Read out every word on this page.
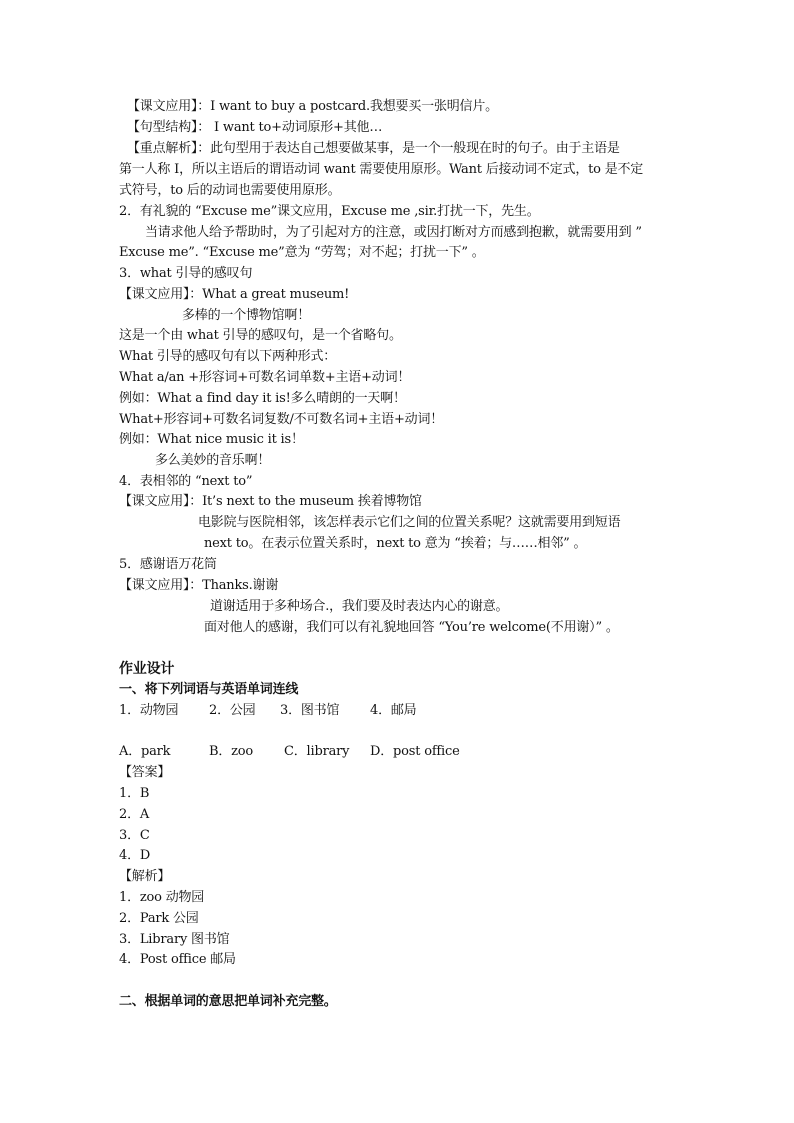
【课文应用】：I want to buy a postcard.我想要买一张明信片。
【句型结构】： I want to+动词原形+其他…
【重点解析】：此句型用于表达自己想要做某事，是一个一般现在时的句子。由于主语是
第一人称 I，所以主语后的谓语动词 want 需要使用原形。Want 后接动词不定式，to 是不定
式符号，to 后的动词也需要使用原形。
2．有礼貌的 “Excuse me”课文应用，Excuse me ,sir.打扰一下，先生。
当请求他人给予帮助时，为了引起对方的注意，或因打断对方而感到抱歉，就需要用到 ”
Excuse me”. “Excuse me”意为 “劳驾；对不起；打扰一下” 。
3．what 引导的感叹句
【课文应用】：What a great museum!
多棒的一个博物馆啊！
这是一个由 what 引导的感叹句，是一个省略句。
What 引导的感叹句有以下两种形式：
What a/an +形容词+可数名词单数+主语+动词！
例如：What a find day it is!多么晴朗的一天啊！
What+形容词+可数名词复数/不可数名词+主语+动词！
例如：What nice music it is！
多么美妙的音乐啊！
4．表相邻的 “next to”
【课文应用】：It’s next to the museum 挨着博物馆
电影院与医院相邻，该怎样表示它们之间的位置关系呢？这就需要用到短语
next to。在表示位置关系时，next to 意为 “挨着；与……相邻” 。
5．感谢语万花筒
【课文应用】：Thanks.谢谢
道谢适用于多种场合.，我们要及时表达内心的谢意。
面对他人的感谢，我们可以有礼貌地回答 “You’re welcome(不用谢）” 。
作业设计
一、将下列词语与英语单词连线
1．动物园 2．公园 3．图书馆 4．邮局
A．park	B．zoo C．library D．post office
【答案】
1．B
2．A
3．C
4．D
【解析】
1．zoo 动物园
2．Park 公园
3．Library 图书馆
4．Post office 邮局
二、根据单词的意思把单词补充完整。
